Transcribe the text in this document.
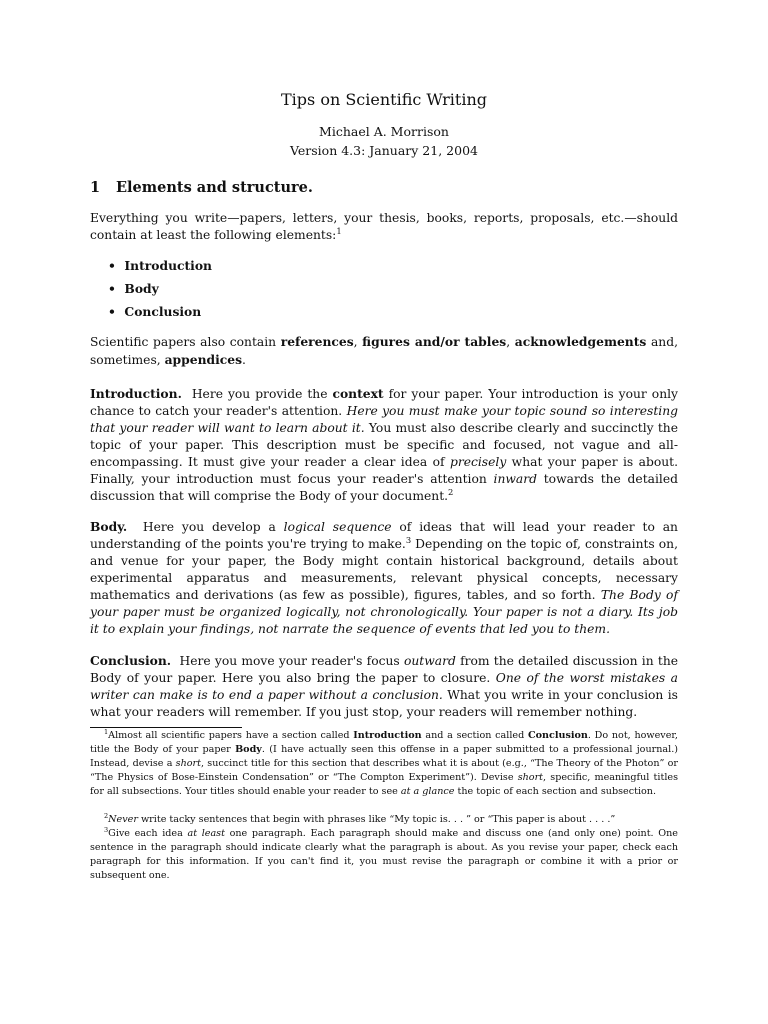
Tips on Scientific Writing
Michael A. Morrison
Version 4.3: January 21, 2004
1 Elements and structure.
Everything you write—papers, letters, your thesis, books, reports, proposals, etc.—should contain at least the following elements:$^1$
•  Introduction
•  Body
•  Conclusion
Scientific papers also contain references, figures and/or tables, acknowledgements and, sometimes, appendices.
Introduction. Here you provide the context for your paper. Your introduction is your only chance to catch your reader's attention. Here you must make your topic sound so interesting that your reader will want to learn about it. You must also describe clearly and succinctly the topic of your paper. This description must be specific and focused, not vague and all-encompassing. It must give your reader a clear idea of precisely what your paper is about. Finally, your introduction must focus your reader's attention inward towards the detailed discussion that will comprise the Body of your document.$^2$
Body. Here you develop a logical sequence of ideas that will lead your reader to an understanding of the points you're trying to make.$^3$ Depending on the topic of, constraints on, and venue for your paper, the Body might contain historical background, details about experimental apparatus and measurements, relevant physical concepts, necessary mathematics and derivations (as few as possible), figures, tables, and so forth. The Body of your paper must be organized logically, not chronologically. Your paper is not a diary. Its job it to explain your findings, not narrate the sequence of events that led you to them.
Conclusion. Here you move your reader's focus outward from the detailed discussion in the Body of your paper. Here you also bring the paper to closure. One of the worst mistakes a writer can make is to end a paper without a conclusion. What you write in your conclusion is what your readers will remember. If you just stop, your readers will remember nothing.
$^1$Almost all scientific papers have a section called Introduction and a section called Conclusion. Do not, however, title the Body of your paper Body. (I have actually seen this offense in a paper submitted to a professional journal.) Instead, devise a short, succinct title for this section that describes what it is about (e.g., “The Theory of the Photon” or “The Physics of Bose-Einstein Condensation” or “The Compton Experiment”). Devise short, specific, meaningful titles for all subsections. Your titles should enable your reader to see at a glance the topic of each section and subsection.
$^2$Never write tacky sentences that begin with phrases like “My topic is. . . ” or “This paper is about . . . .”
$^3$Give each idea at least one paragraph. Each paragraph should make and discuss one (and only one) point. One sentence in the paragraph should indicate clearly what the paragraph is about. As you revise your paper, check each paragraph for this information. If you can't find it, you must revise the paragraph or combine it with a prior or subsequent one.
